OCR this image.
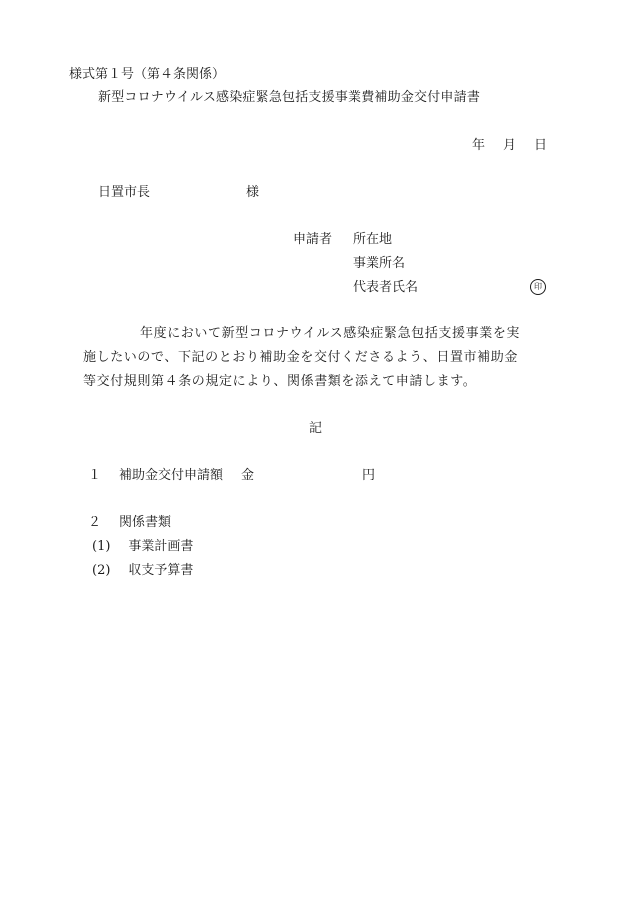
様式第１号（第４条関係）
新型コロナウイルス感染症緊急包括支援事業費補助金交付申請書
年 月 日
日置市長	様
申請者 所在地
事業所名
代表者氏名	印
年度において新型コロナウイルス感染症緊急包括支援事業を実
施したいので、下記のとおり補助金を交付くださるよう、日置市補助金
等交付規則第４条の規定により、関係書類を添えて申請します。
記
１ 補助金交付申請額 金	円
２ 関係書類
(1) 事業計画書
(2) 収支予算書
